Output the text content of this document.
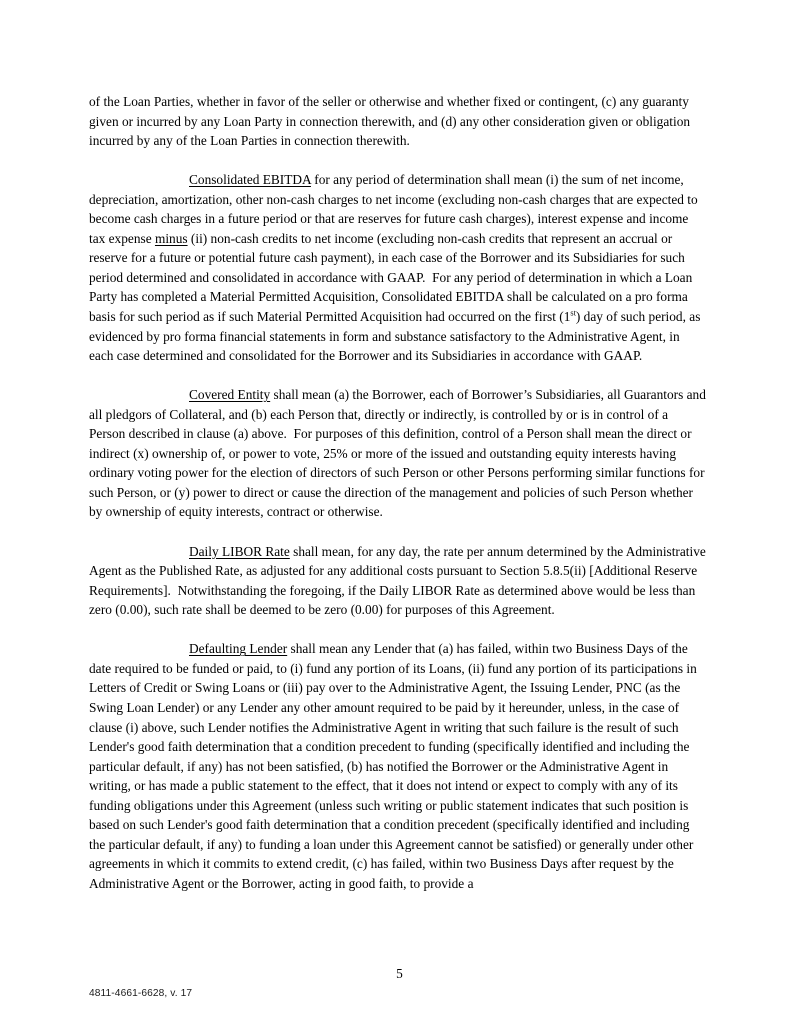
of the Loan Parties, whether in favor of the seller or otherwise and whether fixed or contingent, (c) any guaranty given or incurred by any Loan Party in connection therewith, and (d) any other consideration given or obligation incurred by any of the Loan Parties in connection therewith.

Consolidated EBITDA for any period of determination shall mean (i) the sum of net income, depreciation, amortization, other non-cash charges to net income (excluding non-cash charges that are expected to become cash charges in a future period or that are reserves for future cash charges), interest expense and income tax expense minus (ii) non-cash credits to net income (excluding non-cash credits that represent an accrual or reserve for a future or potential future cash payment), in each case of the Borrower and its Subsidiaries for such period determined and consolidated in accordance with GAAP.  For any period of determination in which a Loan Party has completed a Material Permitted Acquisition, Consolidated EBITDA shall be calculated on a pro forma basis for such period as if such Material Permitted Acquisition had occurred on the first (1st) day of such period, as evidenced by pro forma financial statements in form and substance satisfactory to the Administrative Agent, in each case determined and consolidated for the Borrower and its Subsidiaries in accordance with GAAP.

Covered Entity shall mean (a) the Borrower, each of Borrower’s Subsidiaries, all Guarantors and all pledgors of Collateral, and (b) each Person that, directly or indirectly, is controlled by or is in control of a Person described in clause (a) above.  For purposes of this definition, control of a Person shall mean the direct or indirect (x) ownership of, or power to vote, 25% or more of the issued and outstanding equity interests having ordinary voting power for the election of directors of such Person or other Persons performing similar functions for such Person, or (y) power to direct or cause the direction of the management and policies of such Person whether by ownership of equity interests, contract or otherwise.

Daily LIBOR Rate shall mean, for any day, the rate per annum determined by the Administrative Agent as the Published Rate, as adjusted for any additional costs pursuant to Section 5.8.5(ii) [Additional Reserve Requirements].  Notwithstanding the foregoing, if the Daily LIBOR Rate as determined above would be less than zero (0.00), such rate shall be deemed to be zero (0.00) for purposes of this Agreement.

Defaulting Lender shall mean any Lender that (a) has failed, within two Business Days of the date required to be funded or paid, to (i) fund any portion of its Loans, (ii) fund any portion of its participations in Letters of Credit or Swing Loans or (iii) pay over to the Administrative Agent, the Issuing Lender, PNC (as the Swing Loan Lender) or any Lender any other amount required to be paid by it hereunder, unless, in the case of clause (i) above, such Lender notifies the Administrative Agent in writing that such failure is the result of such Lender's good faith determination that a condition precedent to funding (specifically identified and including the particular default, if any) has not been satisfied, (b) has notified the Borrower or the Administrative Agent in writing, or has made a public statement to the effect, that it does not intend or expect to comply with any of its funding obligations under this Agreement (unless such writing or public statement indicates that such position is based on such Lender's good faith determination that a condition precedent (specifically identified and including the particular default, if any) to funding a loan under this Agreement cannot be satisfied) or generally under other agreements in which it commits to extend credit, (c) has failed, within two Business Days after request by the Administrative Agent or the Borrower, acting in good faith, to provide a

5
4811-4661-6628, v. 17
